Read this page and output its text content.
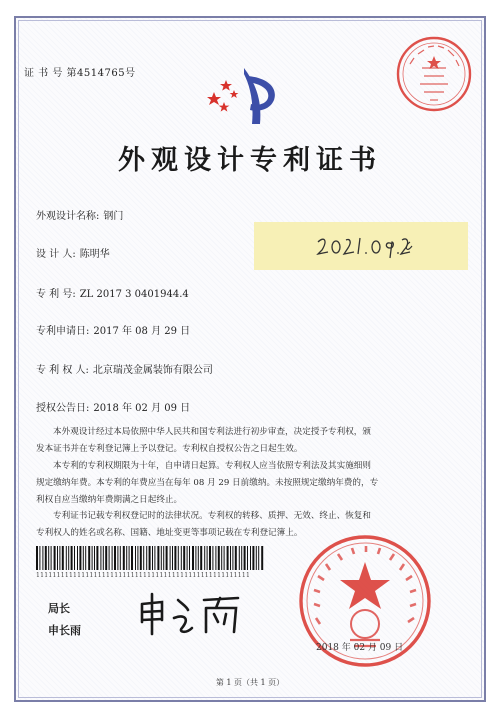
证 书 号 第4514765号
外观设计专利证书
外观设计名称: 钢门
设 计 人: 陈明华
专 利 号: ZL 2017 3 0401944.4
专利申请日: 2017 年 08 月 29 日
专 利 权 人: 北京瑞茂金属装饰有限公司
授权公告日: 2018 年 02 月 09 日
本外观设计经过本局依照中华人民共和国专利法进行初步审查，决定授予专利权，颁
发本证书并在专利登记簿上予以登记。专利权自授权公告之日起生效。
本专利的专利权期限为十年，自申请日起算。专利权人应当依照专利法及其实施细则
规定缴纳年费。本专利的年费应当在每年 08 月 29 日前缴纳。未按照规定缴纳年费的，专
利权自应当缴纳年费期满之日起终止。
专利证书记载专利权登记时的法律状况。专利权的转移、质押、无效、终止、恢复和
专利权人的姓名或名称、国籍、地址变更等事项记载在专利登记簿上。
1111111111111111111111111111111111111111111111111111
局长
申长雨
2018 年 02 月 09 日
第 1 页（共 1 页）
